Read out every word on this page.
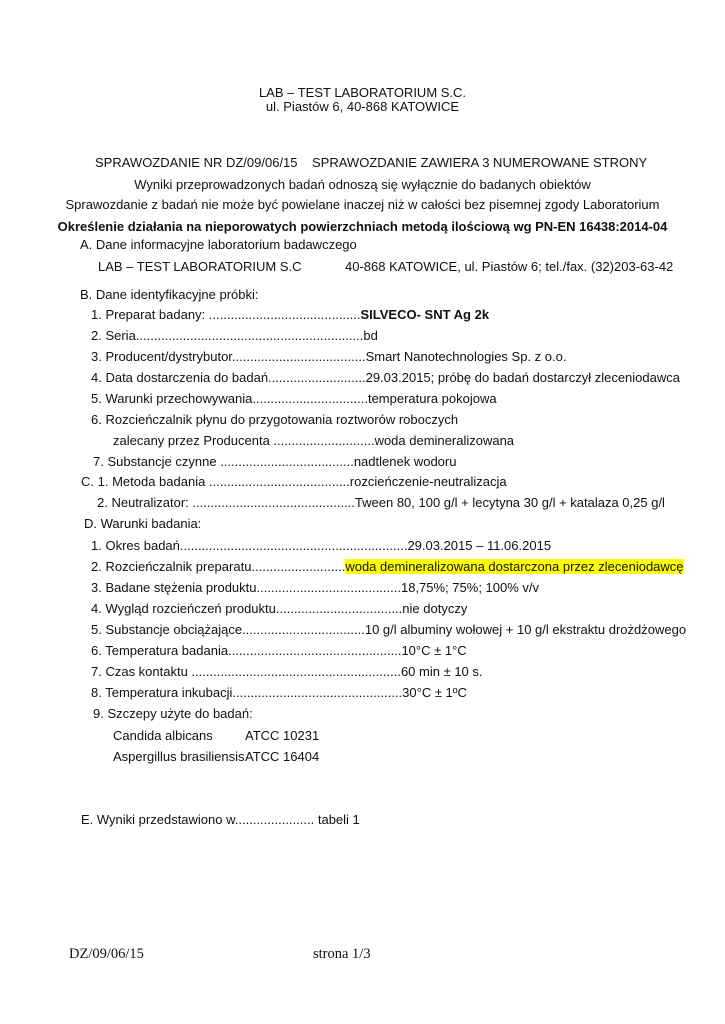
LAB – TEST LABORATORIUM S.C.
ul. Piastów 6, 40-868 KATOWICE
SPRAWOZDANIE NR DZ/09/06/15 SPRAWOZDANIE ZAWIERA 3 NUMEROWANE STRONY
Wyniki przeprowadzonych badań odnoszą się wyłącznie do badanych obiektów
Sprawozdanie z badań nie może być powielane inaczej niż w całości bez pisemnej zgody Laboratorium
Określenie działania na nieporowatych powierzchniach metodą ilościową wg PN-EN 16438:2014-04
A. Dane informacyjne laboratorium badawczego
LAB – TEST LABORATORIUM S.C	40-868 KATOWICE, ul. Piastów 6; tel./fax. (32)203-63-42
B. Dane identyfikacyjne próbki:
1. Preparat badany: ..........................................SILVECO- SNT Ag 2k
2. Seria...............................................................bd
3. Producent/dystrybutor.....................................Smart Nanotechnologies Sp. z o.o.
4. Data dostarczenia do badań...........................29.03.2015; próbę do badań dostarczył zleceniodawca
5. Warunki przechowywania................................temperatura pokojowa
6. Rozcieńczalnik płynu do przygotowania roztworów roboczych
zalecany przez Producenta ............................woda demineralizowana
7. Substancje czynne .....................................nadtlenek wodoru
C. 1. Metoda badania .......................................rozcieńczenie-neutralizacja
2. Neutralizator: .............................................Tween 80, 100 g/l + lecytyna 30 g/l + katalaza 0,25 g/l
D. Warunki badania:
1. Okres badań...............................................................29.03.2015 – 11.06.2015
2. Rozcieńczalnik preparatu..........................woda demineralizowana dostarczona przez zleceniodawcę
3. Badane stężenia produktu........................................18,75%; 75%; 100% v/v
4. Wygląd rozcieńczeń produktu...................................nie dotyczy
5. Substancje obciążające..................................10 g/l albuminy wołowej + 10 g/l ekstraktu drożdżowego
6. Temperatura badania................................................10°C ± 1°C
7. Czas kontaktu ..........................................................60 min ± 10 s.
8. Temperatura inkubacji...............................................30°C ± 1ºC
9. Szczepy użyte do badań:
Candida albicans ATCC 10231
Aspergillus brasiliensis ATCC 16404
E. Wyniki przedstawiono w...................... tabeli 1
DZ/09/06/15	strona 1/3
